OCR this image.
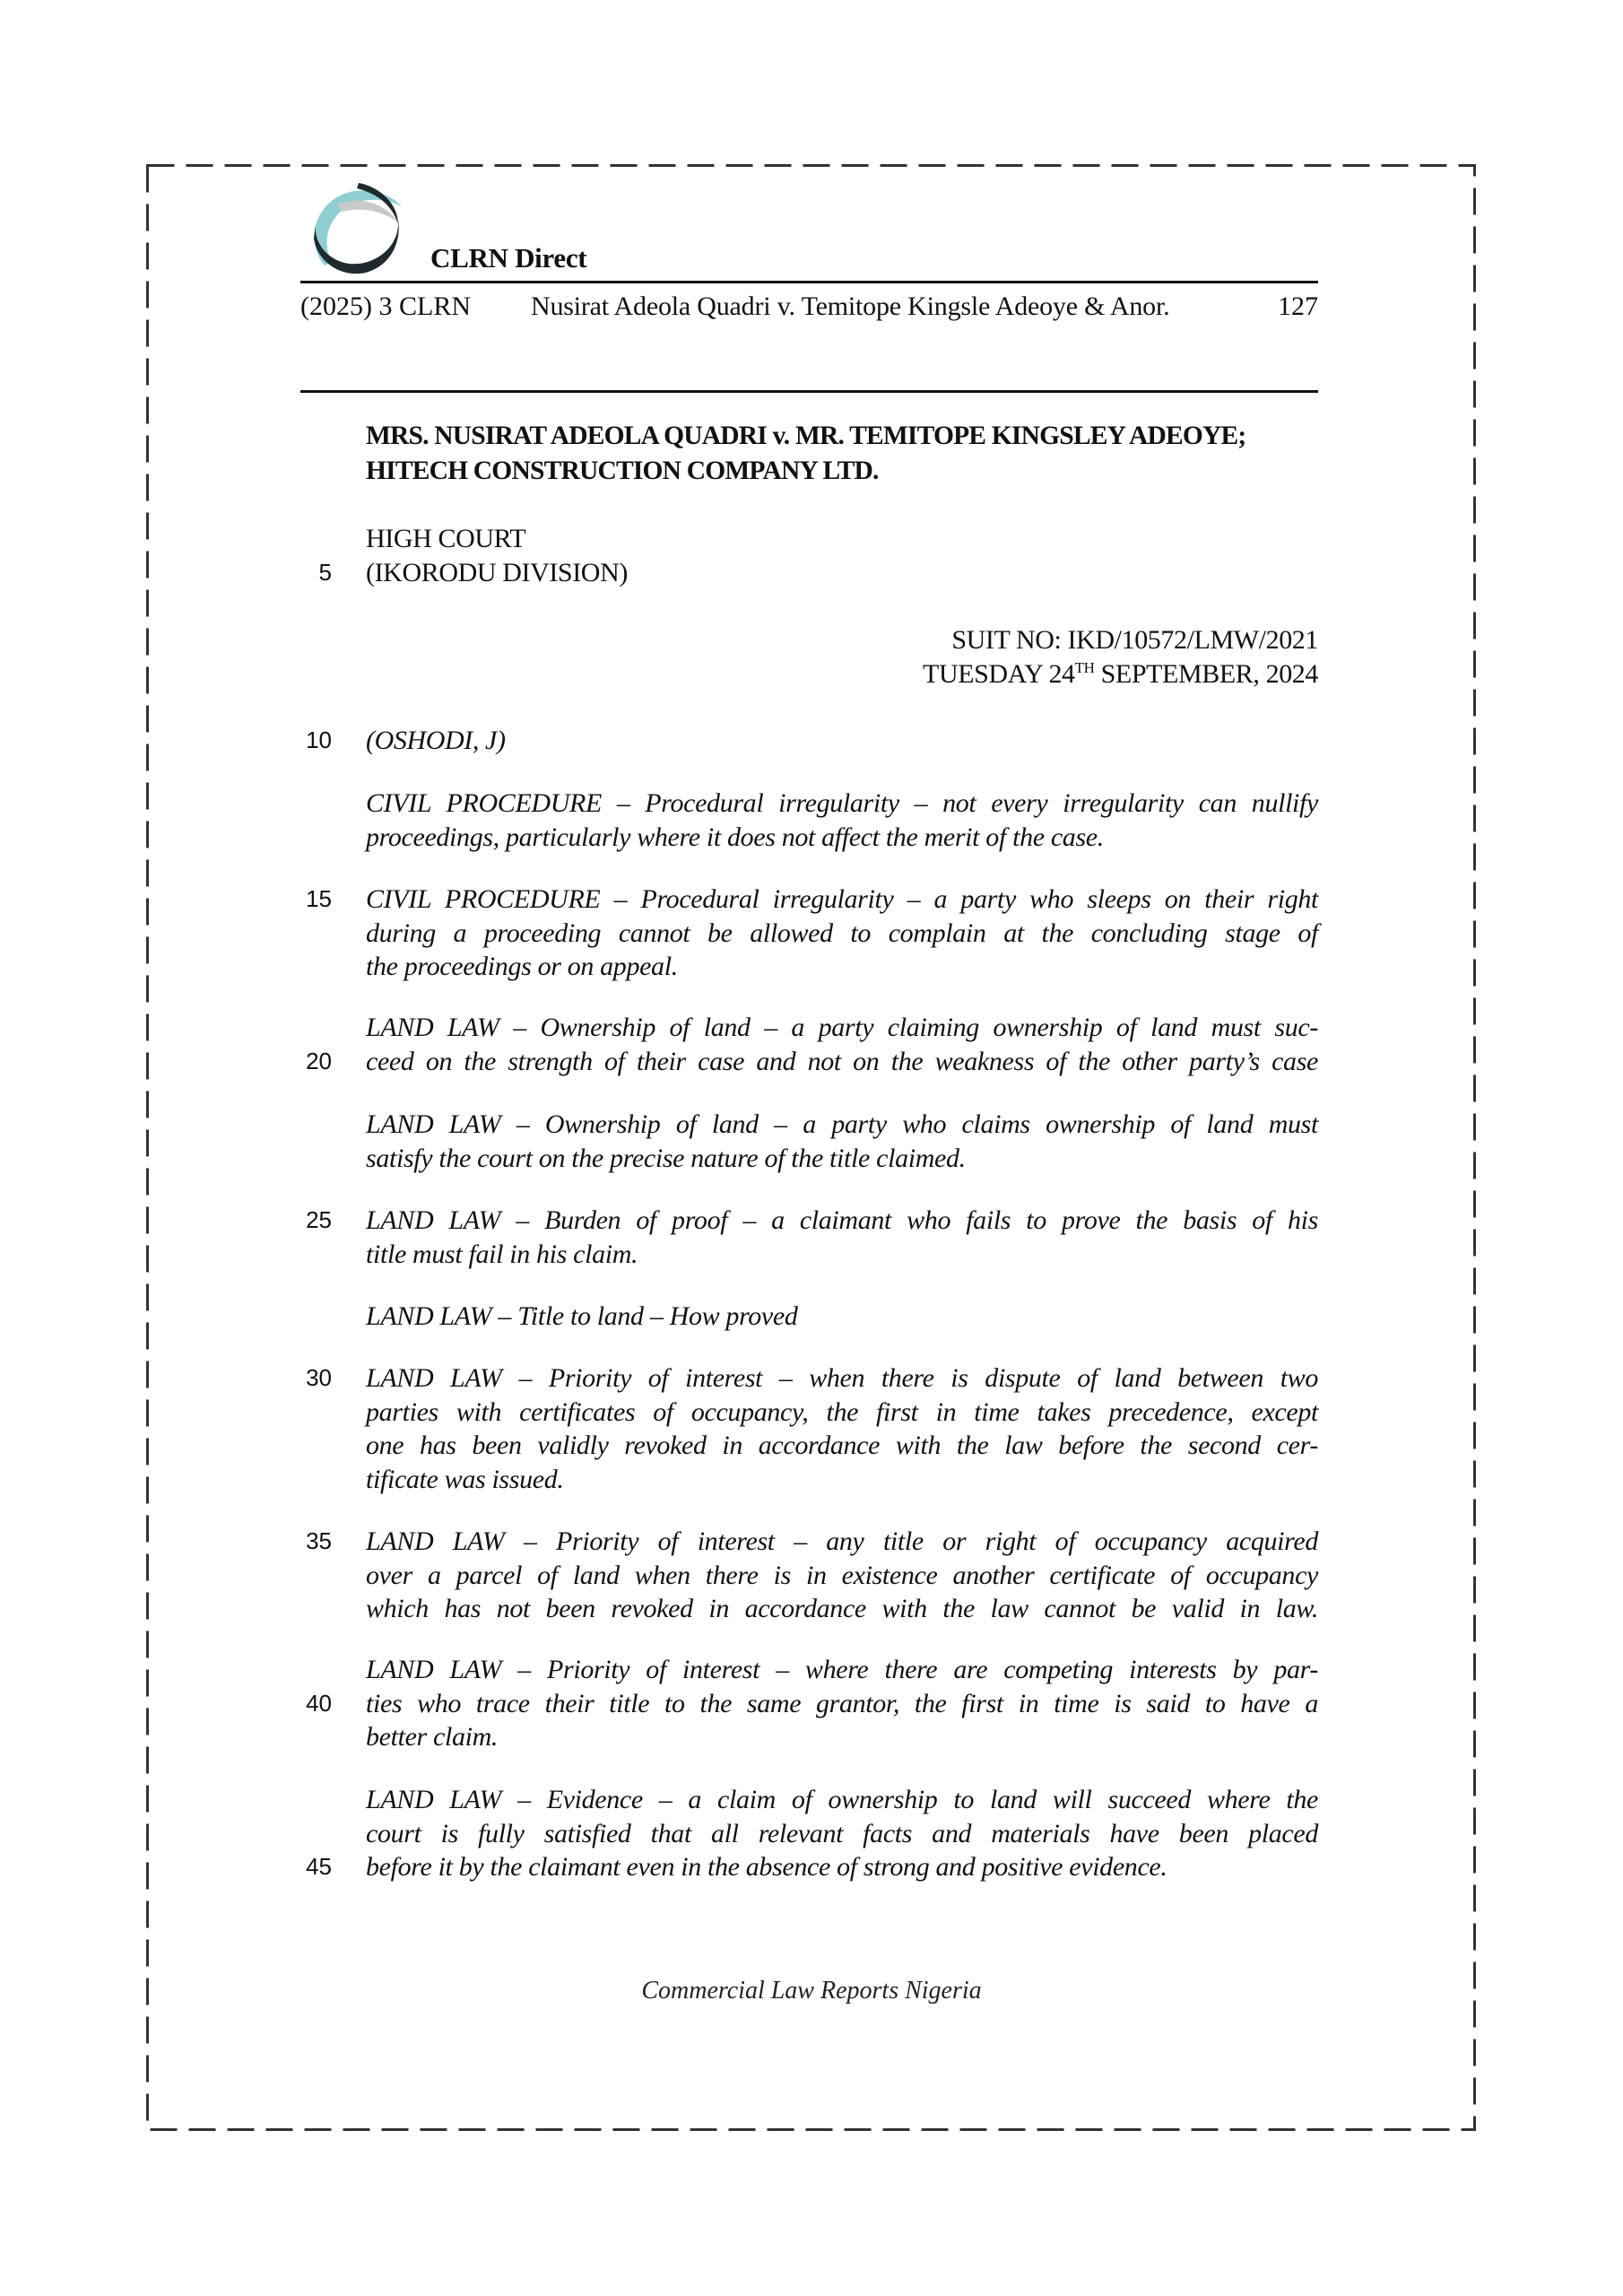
CLRN Direct
(2025) 3 CLRN Nusirat Adeola Quadri v. Temitope Kingsle Adeoye & Anor.	127
MRS. NUSIRAT ADEOLA QUADRI v. MR. TEMITOPE KINGSLEY ADEOYE;
HITECH CONSTRUCTION COMPANY LTD.
HIGH COURT
(IKORODU DIVISION)
SUIT NO: IKD/10572/LMW/2021
TUESDAY 24TH SEPTEMBER, 2024
(OSHODI, J)
CIVIL PROCEDURE – Procedural irregularity – not every irregularity can nullify
proceedings, particularly where it does not affect the merit of the case.
CIVIL PROCEDURE – Procedural irregularity – a party who sleeps on their right
during a proceeding cannot be allowed to complain at the concluding stage of
the proceedings or on appeal.
LAND LAW – Ownership of land – a party claiming ownership of land must suc-
ceed on the strength of their case and not on the weakness of the other party’s case
LAND LAW – Ownership of land – a party who claims ownership of land must
satisfy the court on the precise nature of the title claimed.
LAND LAW – Burden of proof – a claimant who fails to prove the basis of his
title must fail in his claim.
LAND LAW – Title to land – How proved
LAND LAW – Priority of interest – when there is dispute of land between two
parties with certificates of occupancy, the first in time takes precedence, except
one has been validly revoked in accordance with the law before the second cer-
tificate was issued.
LAND LAW – Priority of interest – any title or right of occupancy acquired
over a parcel of land when there is in existence another certificate of occupancy
which has not been revoked in accordance with the law cannot be valid in law.
LAND LAW – Priority of interest – where there are competing interests by par-
ties who trace their title to the same grantor, the first in time is said to have a
better claim.
LAND LAW – Evidence – a claim of ownership to land will succeed where the
court is fully satisfied that all relevant facts and materials have been placed
before it by the claimant even in the absence of strong and positive evidence.
5
10
15
20
25
30
35
40
45
Commercial Law Reports Nigeria
